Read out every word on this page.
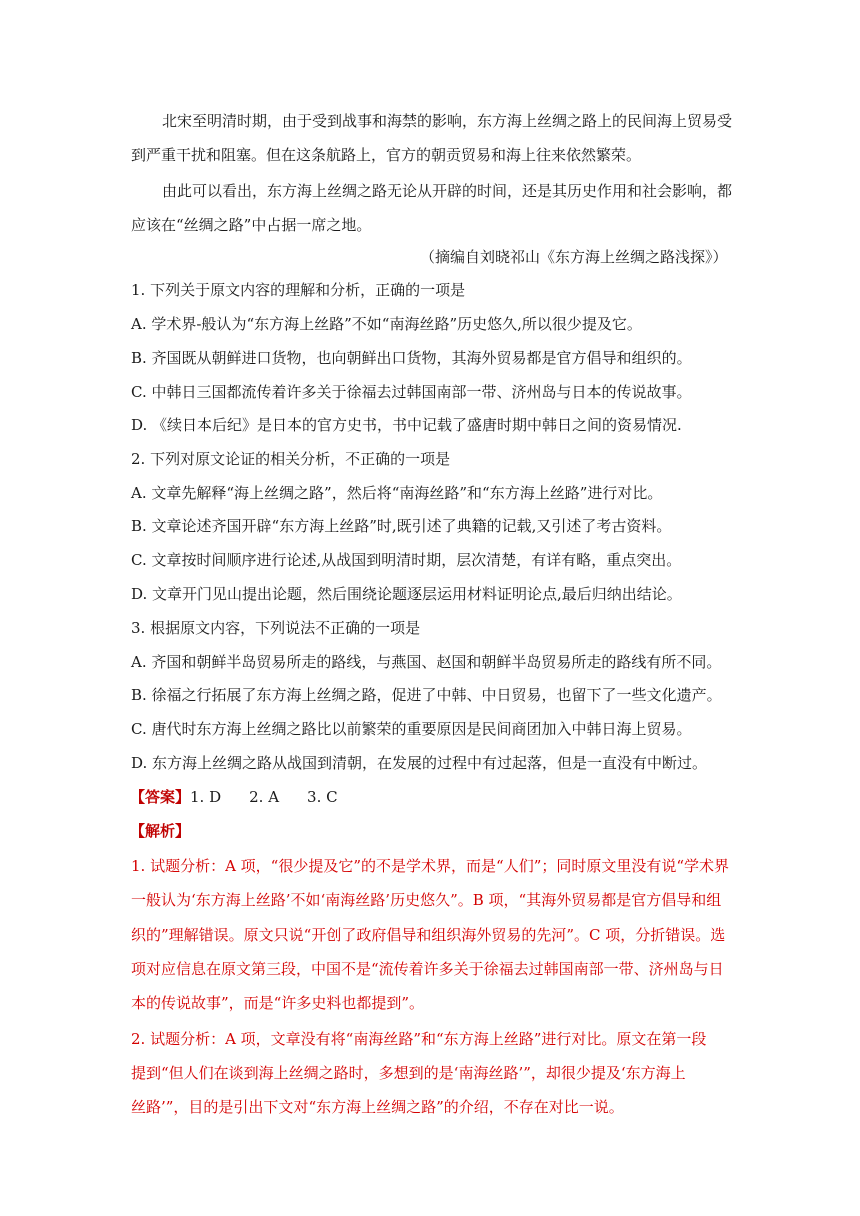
北宋至明清时期，由于受到战事和海禁的影响，东方海上丝绸之路上的民间海上贸易受
到严重干扰和阻塞。但在这条航路上，官方的朝贡贸易和海上往来依然繁荣。
由此可以看出，东方海上丝绸之路无论从开辟的时间，还是其历史作用和社会影响，都
应该在“丝绸之路”中占据一席之地。
（摘编自刘晓祁山《东方海上丝绸之路浅探》）
1. 下列关于原文内容的理解和分析，正确的一项是
A. 学术界-般认为“东方海上丝路”不如“南海丝路”历史悠久,所以很少提及它。
B. 齐国既从朝鲜进口货物，也向朝鲜出口货物，其海外贸易都是官方倡导和组织的。
C. 中韩日三国都流传着许多关于徐福去过韩国南部一带、济州岛与日本的传说故事。
D. 《续日本后纪》是日本的官方史书，书中记载了盛唐时期中韩日之间的资易情况.
2. 下列对原文论证的相关分析，不正确的一项是
A. 文章先解释“海上丝绸之路”，然后将“南海丝路”和“东方海上丝路”进行对比。
B. 文章论述齐国开辟“东方海上丝路”时,既引述了典籍的记载,又引述了考古资料。
C. 文章按时间顺序进行论述,从战国到明清时期，层次清楚，有详有略，重点突出。
D. 文章开门见山提出论题，然后围绕论题逐层运用材料证明论点,最后归纳出结论。
3. 根据原文内容，下列说法不正确的一项是
A. 齐国和朝鲜半岛贸易所走的路线，与燕国、赵国和朝鲜半岛贸易所走的路线有所不同。
B. 徐福之行拓展了东方海上丝绸之路，促进了中韩、中日贸易，也留下了一些文化遗产。
C. 唐代时东方海上丝绸之路比以前繁荣的重要原因是民间商团加入中韩日海上贸易。
D. 东方海上丝绸之路从战国到清朝，在发展的过程中有过起落，但是一直没有中断过。
【答案】1. D 2. A 3. C
【解析】
1. 试题分析：A 项，“很少提及它”的不是学术界，而是“人们”；同时原文里没有说“学术界
一般认为‘东方海上丝路’不如‘南海丝路’历史悠久”。B 项，“其海外贸易都是官方倡导和组
织的”理解错误。原文只说“开创了政府倡导和组织海外贸易的先河”。C 项，分折错误。选
项对应信息在原文第三段，中国不是“流传着许多关于徐福去过韩国南部一带、济州岛与日
本的传说故事”，而是“许多史料也都提到”。
2. 试题分析：A 项，文章没有将“南海丝路”和“东方海上丝路”进行对比。原文在第一段
提到“但人们在谈到海上丝绸之路时，多想到的是‘南海丝路’”，却很少提及‘东方海上
丝路’”，目的是引出下文对“东方海上丝绸之路”的介绍，不存在对比一说。
